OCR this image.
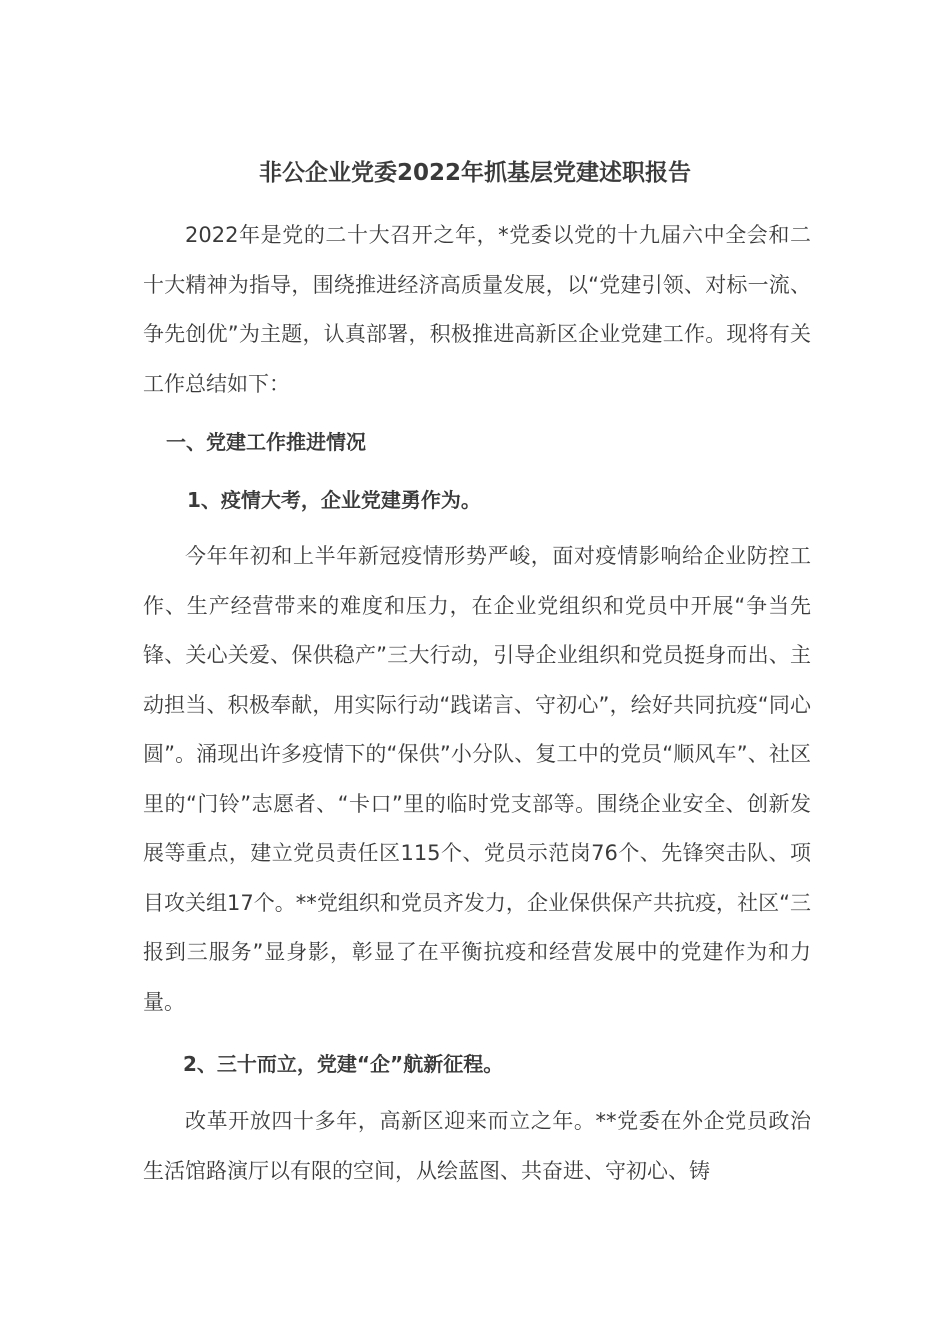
非公企业党委2022年抓基层党建述职报告

2022年是党的二十大召开之年，*党委以党的十九届六中全会和二十大精神为指导，围绕推进经济高质量发展，以“党建引领、对标一流、争先创优”为主题，认真部署，积极推进高新区企业党建工作。现将有关工作总结如下：

一、党建工作推进情况
1、疫情大考，企业党建勇作为。

今年年初和上半年新冠疫情形势严峻，面对疫情影响给企业防控工作、生产经营带来的难度和压力，在企业党组织和党员中开展“争当先锋、关心关爱、保供稳产”三大行动，引导企业组织和党员挺身而出、主动担当、积极奉献，用实际行动“践诺言、守初心”，绘好共同抗疫“同心圆”。涌现出许多疫情下的“保供”小分队、复工中的党员“顺风车”、社区里的“门铃”志愿者、“卡口”里的临时党支部等。围绕企业安全、创新发展等重点，建立党员责任区115个、党员示范岗76个、先锋突击队、项目攻关组17个。**党组织和党员齐发力，企业保供保产共抗疫，社区“三报到三服务”显身影，彰显了在平衡抗疫和经营发展中的党建作为和力量。

2、三十而立，党建“企”航新征程。

改革开放四十多年，高新区迎来而立之年。**党委在外企党员政治生活馆路演厅以有限的空间，从绘蓝图、共奋进、守初心、铸
